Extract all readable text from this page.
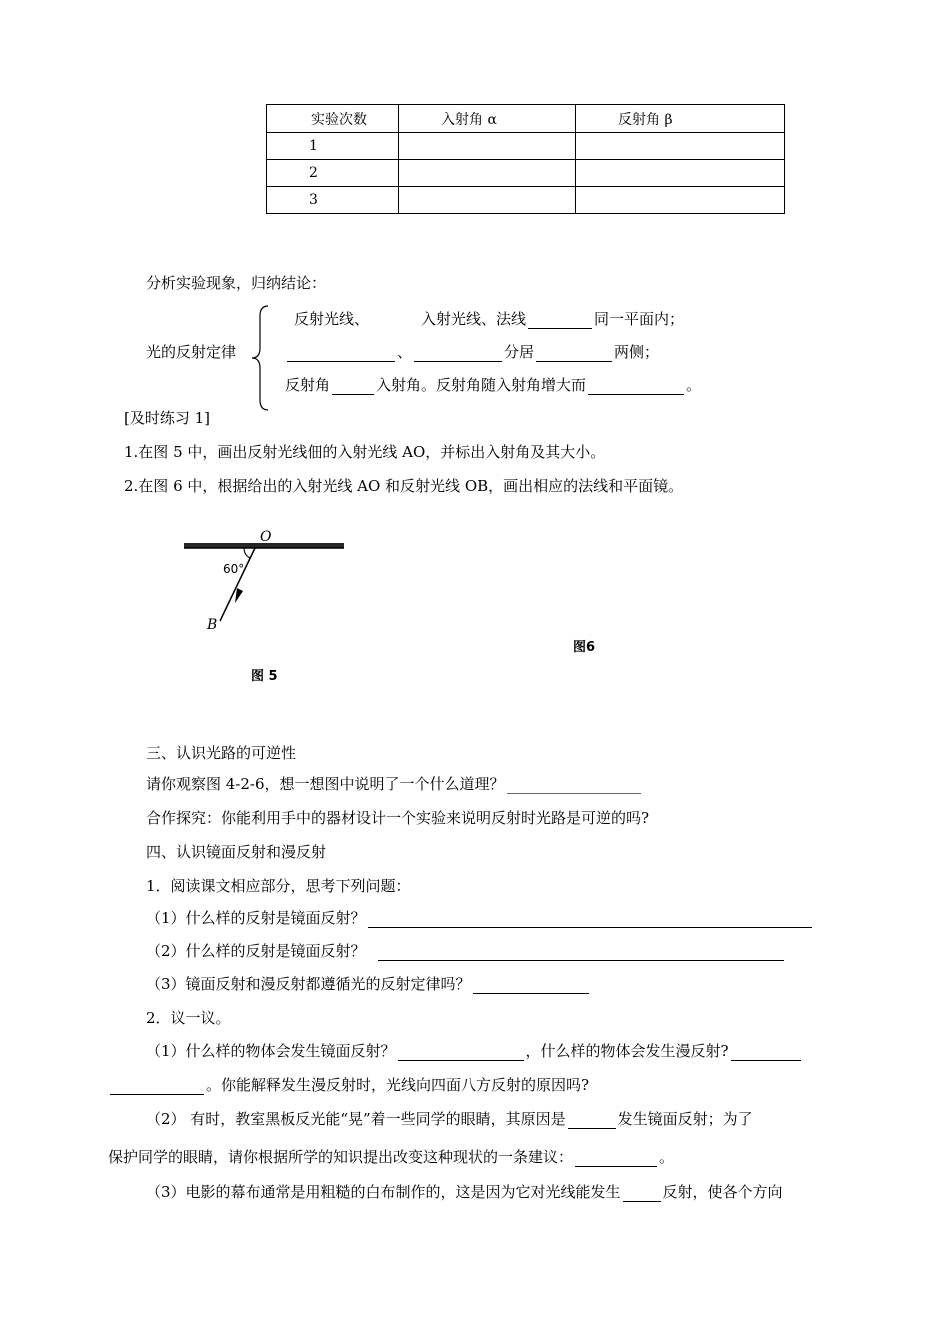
实验次数	入射角 α	反射角 β
1		
2		
3		
分析实验现象，归纳结论：
光的反射定律
反射光线、	入射光线、法线	同一平面内；
、	分居	两侧；
反射角	入射角。反射角随入射角增大而	。
[及时练习 1]
1.在图 5 中，画出反射光线佃的入射光线 AO，并标出入射角及其大小。
2.在图 6 中，根据给出的入射光线 AO 和反射光线 OB，画出相应的法线和平面镜。
O
60°
B
图 5
图6
三、认识光路的可逆性
请你观察图 4-2-6，想一想图中说明了一个什么道理？
合作探究：你能利用手中的器材设计一个实验来说明反射时光路是可逆的吗?
四、认识镜面反射和漫反射
1．阅读课文相应部分，思考下列问题：
（1）什么样的反射是镜面反射？
（2）什么样的反射是镜面反射？
（3）镜面反射和漫反射都遵循光的反射定律吗？
2．议一议。
（1）什么样的物体会发生镜面反射？	，什么样的物体会发生漫反射?
。你能解释发生漫反射时，光线向四面八方反射的原因吗?
（2） 有时，教室黑板反光能“晃”着一些同学的眼睛，其原因是	发生镜面反射；为了
保护同学的眼睛，请你根据所学的知识提出改变这种现状的一条建议：	。
（3）电影的幕布通常是用粗糙的白布制作的，这是因为它对光线能发生	反射，使各个方向
